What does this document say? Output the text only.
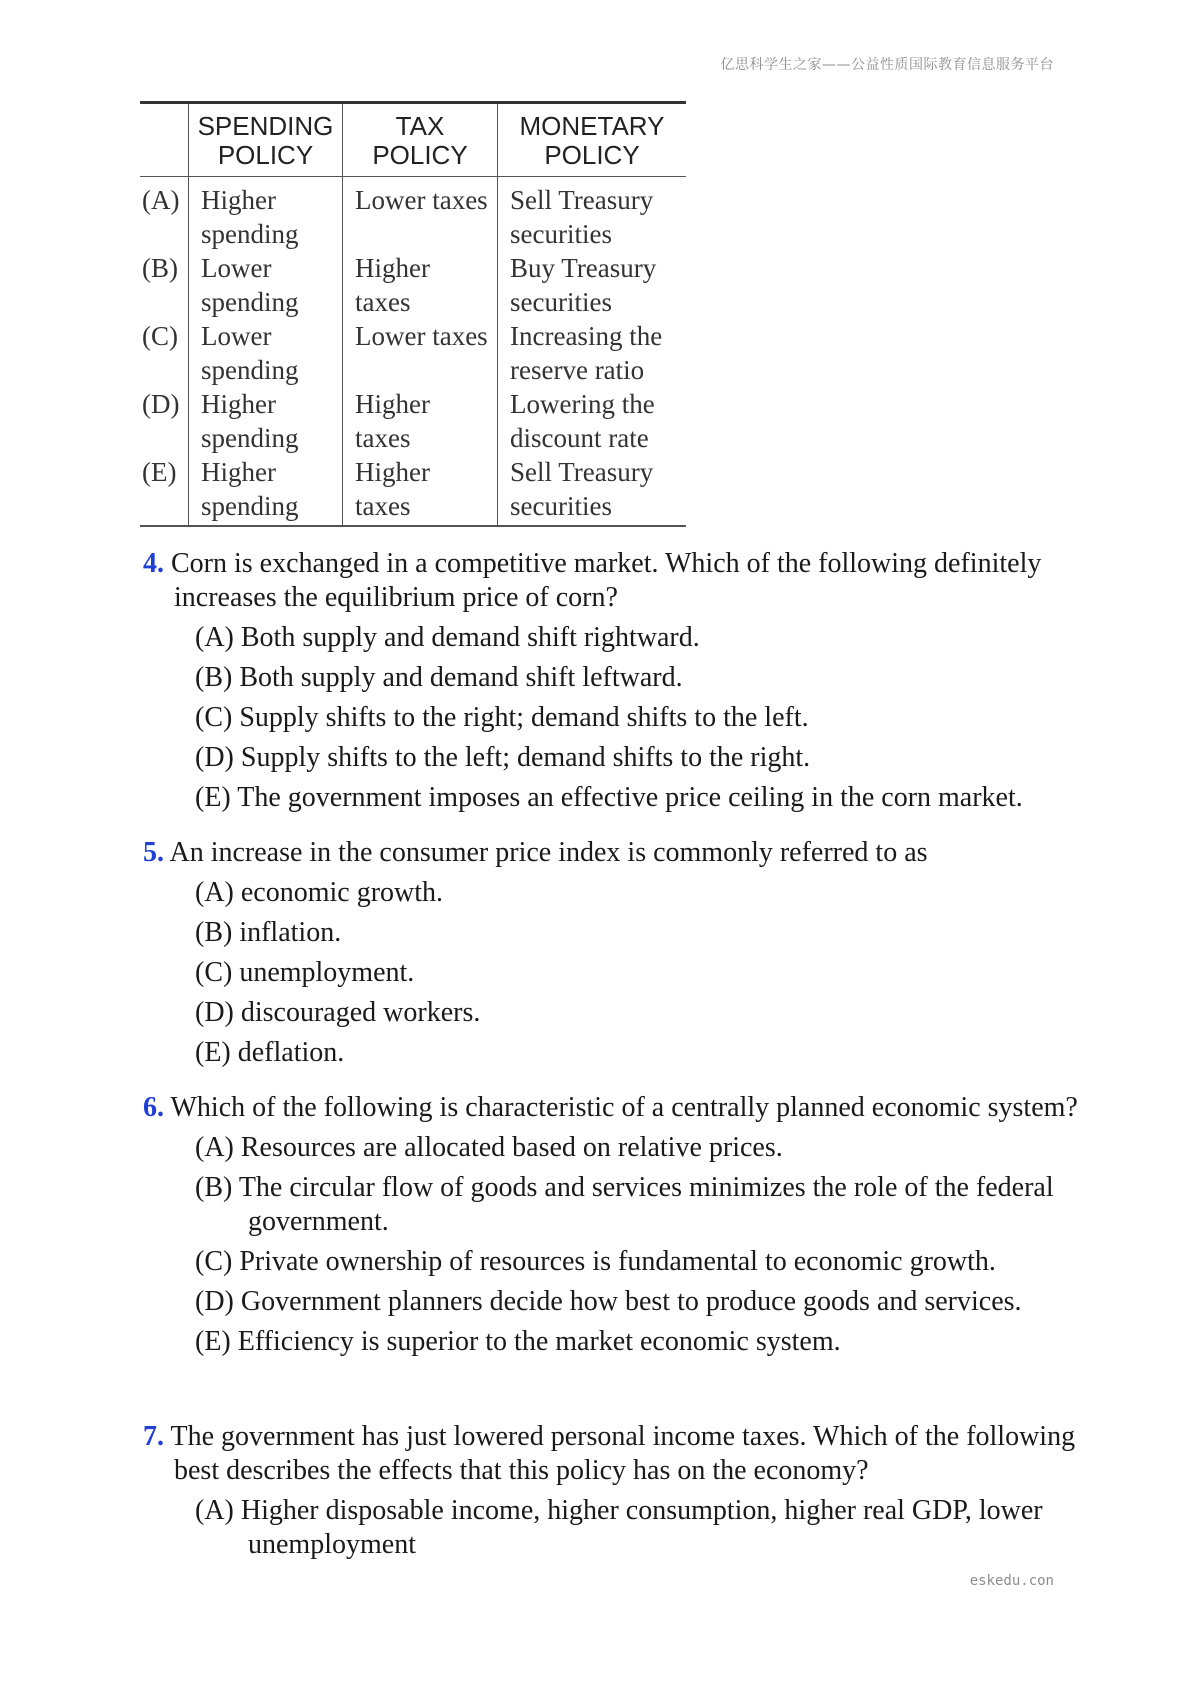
亿思科学生之家——公益性质国际教育信息服务平台
	SPENDING POLICY	TAX POLICY	MONETARY POLICY
(A)	Higher spending	Lower taxes	Sell Treasury securities
(B)	Lower spending	Higher taxes	Buy Treasury securities
(C)	Lower spending	Lower taxes	Increasing the reserve ratio
(D)	Higher spending	Higher taxes	Lowering the discount rate
(E)	Higher spending	Higher taxes	Sell Treasury securities
4. Corn is exchanged in a competitive market. Which of the following definitely increases the equilibrium price of corn?
(A) Both supply and demand shift rightward.
(B) Both supply and demand shift leftward.
(C) Supply shifts to the right; demand shifts to the left.
(D) Supply shifts to the left; demand shifts to the right.
(E) The government imposes an effective price ceiling in the corn market.
5. An increase in the consumer price index is commonly referred to as
(A) economic growth.
(B) inflation.
(C) unemployment.
(D) discouraged workers.
(E) deflation.
6. Which of the following is characteristic of a centrally planned economic system?
(A) Resources are allocated based on relative prices.
(B) The circular flow of goods and services minimizes the role of the federal government.
(C) Private ownership of resources is fundamental to economic growth.
(D) Government planners decide how best to produce goods and services.
(E) Efficiency is superior to the market economic system.
7. The government has just lowered personal income taxes. Which of the following best describes the effects that this policy has on the economy?
(A) Higher disposable income, higher consumption, higher real GDP, lower unemployment
eskedu.con
